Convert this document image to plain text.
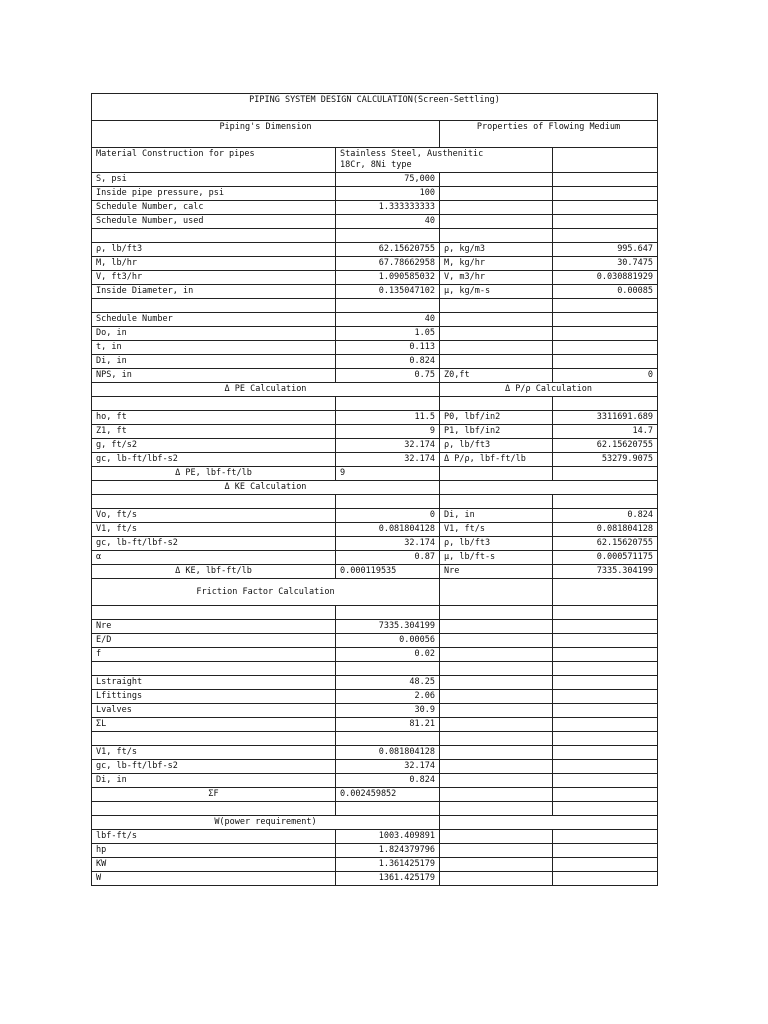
PIPING SYSTEM DESIGN CALCULATION(Screen-Settling)			
Piping's Dimension		Properties of Flowing Medium	
Material Construction for pipes	Stainless Steel, Austhenitic
18Cr, 8Ni type		
S, psi	75,000		
Inside pipe pressure, psi	100		
Schedule Number, calc	1.333333333		
Schedule Number, used	40		

ρ, lb/ft3	62.15620755	ρ, kg/m3	995.647
M, lb/hr	67.78662958	M, kg/hr	30.7475
V, ft3/hr	1.090585032	V, m3/hr	0.030881929
Inside Diameter, in	0.135047102	μ, kg/m-s	0.00085

Schedule Number	40		
Do, in	1.05		
t, in	0.113		
Di, in	0.824		
NPS, in	0.75	Z0,ft	0
Δ PE Calculation		Δ P/ρ Calculation	

ho, ft	11.5	P0, lbf/in2	3311691.689
Z1, ft	9	P1, lbf/in2	14.7
g, ft/s2	32.174	ρ, lb/ft3	62.15620755
gc, lb-ft/lbf-s2	32.174	Δ P/ρ, lbf-ft/lb	53279.9075
Δ PE, lbf-ft/lb	9		
Δ KE Calculation			

Vo, ft/s	0	Di, in	0.824
V1, ft/s	0.081804128	V1, ft/s	0.081804128
gc, lb-ft/lbf-s2	32.174	ρ, lb/ft3	62.15620755
α	0.87	μ, lb/ft-s	0.000571175
Δ KE, lbf-ft/lb	0.000119535	Nre	7335.304199
Friction Factor Calculation			

Nre	7335.304199		
E/D	0.00056		
f	0.02		

Lstraight	48.25		
Lfittings	2.06		
Lvalves	30.9		
ΣL	81.21		

V1, ft/s	0.081804128		
gc, lb-ft/lbf-s2	32.174		
Di, in	0.824		
ΣF	0.002459852		

W(power requirement)			
lbf-ft/s	1003.409891		
hp	1.824379796		
KW	1.361425179		
W	1361.425179		
